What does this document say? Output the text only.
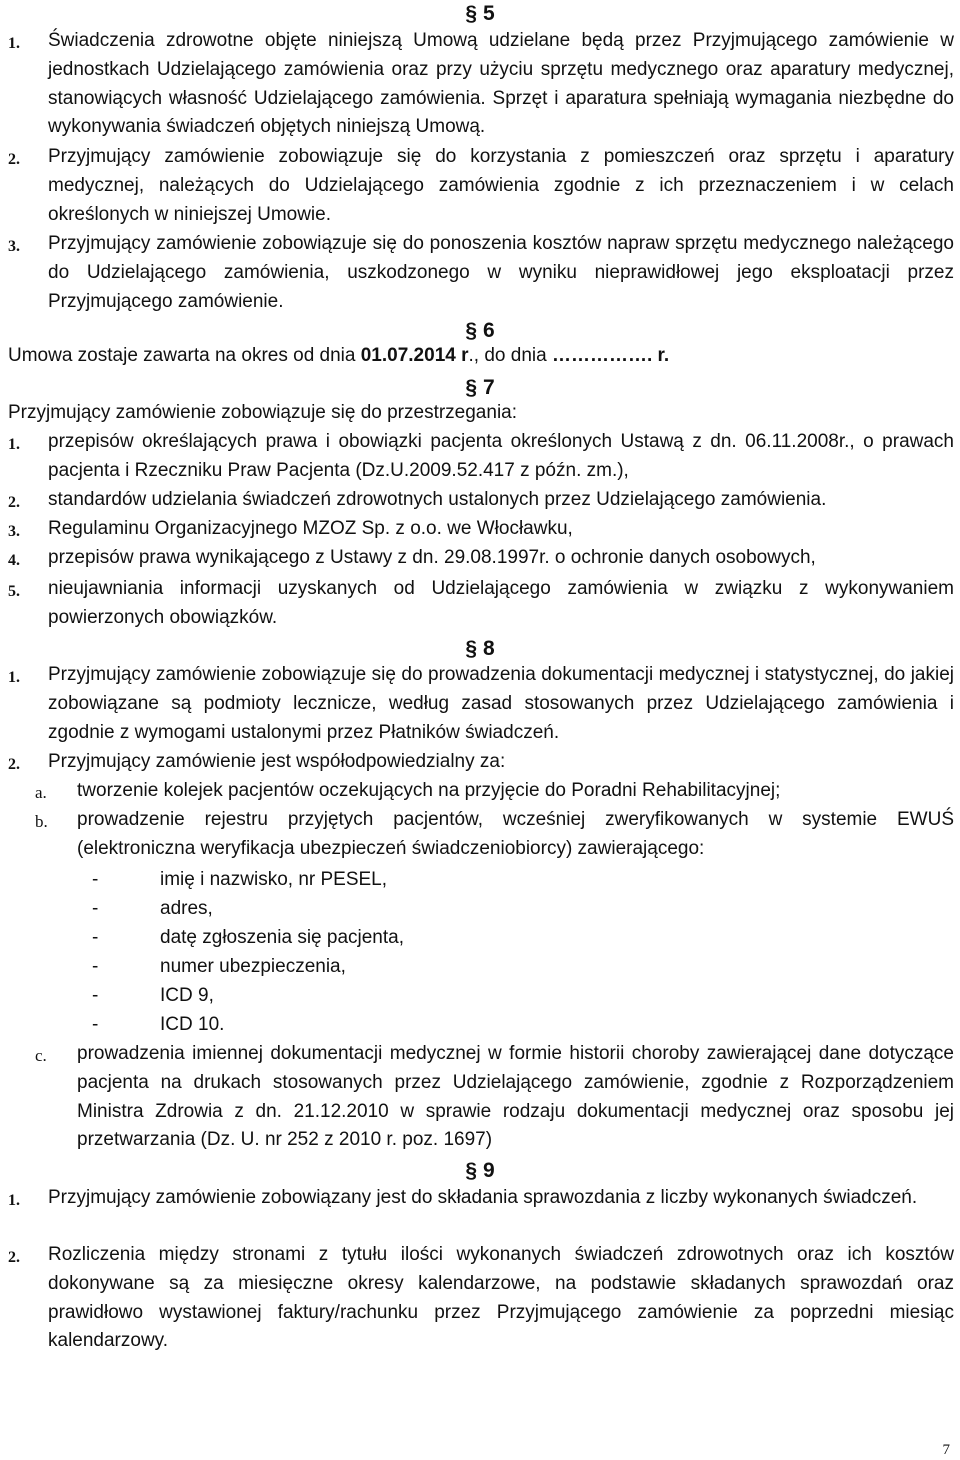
§ 5
1. Świadczenia zdrowotne objęte niniejszą Umową udzielane będą przez Przyjmującego zamówienie w jednostkach Udzielającego zamówienia oraz przy użyciu sprzętu medycznego oraz aparatury medycznej, stanowiących własność Udzielającego zamówienia. Sprzęt i aparatura spełniają wymagania niezbędne do wykonywania świadczeń objętych niniejszą Umową.
2. Przyjmujący zamówienie zobowiązuje się do korzystania z pomieszczeń oraz sprzętu i aparatury medycznej, należących do Udzielającego zamówienia zgodnie z ich przeznaczeniem i w celach określonych w niniejszej Umowie.
3. Przyjmujący zamówienie zobowiązuje się do ponoszenia kosztów napraw sprzętu medycznego należącego do Udzielającego zamówienia, uszkodzonego w wyniku nieprawidłowej jego eksploatacji przez Przyjmującego zamówienie.
§ 6
Umowa zostaje zawarta na okres od dnia 01.07.2014 r., do dnia ……………. r.
§ 7
Przyjmujący zamówienie zobowiązuje się do przestrzegania:
1. przepisów określających prawa i obowiązki pacjenta określonych Ustawą z dn. 06.11.2008r., o prawach pacjenta i Rzeczniku Praw Pacjenta (Dz.U.2009.52.417 z późn. zm.),
2. standardów udzielania świadczeń zdrowotnych ustalonych przez Udzielającego zamówienia.
3. Regulaminu Organizacyjnego MZOZ Sp. z o.o. we Włocławku,
4. przepisów prawa wynikającego z Ustawy z dn. 29.08.1997r. o ochronie danych osobowych,
5. nieujawniania informacji uzyskanych od Udzielającego zamówienia w związku z wykonywaniem powierzonych obowiązków.
§ 8
1. Przyjmujący zamówienie zobowiązuje się do prowadzenia dokumentacji medycznej i statystycznej, do jakiej zobowiązane są podmioty lecznicze, według zasad stosowanych przez Udzielającego zamówienia i zgodnie z wymogami ustalonymi przez Płatników świadczeń.
2. Przyjmujący zamówienie jest współodpowiedzialny za:
a. tworzenie kolejek pacjentów oczekujących na przyjęcie do Poradni Rehabilitacyjnej;
b. prowadzenie rejestru przyjętych pacjentów, wcześniej zweryfikowanych w systemie EWUŚ (elektroniczna weryfikacja ubezpieczeń świadczeniobiorcy) zawierającego:
-	imię i nazwisko, nr PESEL,
-	adres,
-	datę zgłoszenia się pacjenta,
-	numer ubezpieczenia,
-	ICD 9,
-	ICD 10.
c. prowadzenia imiennej dokumentacji medycznej w formie historii choroby zawierającej dane dotyczące pacjenta na drukach stosowanych przez Udzielającego zamówienie, zgodnie z Rozporządzeniem Ministra Zdrowia z dn. 21.12.2010 w sprawie rodzaju dokumentacji medycznej oraz sposobu jej przetwarzania (Dz. U. nr 252 z 2010 r. poz. 1697)
§ 9
1. Przyjmujący zamówienie zobowiązany jest do składania sprawozdania z liczby wykonanych świadczeń.
2. Rozliczenia między stronami z tytułu ilości wykonanych świadczeń zdrowotnych oraz ich kosztów dokonywane są za miesięczne okresy kalendarzowe, na podstawie składanych sprawozdań oraz prawidłowo wystawionej faktury/rachunku przez Przyjmującego zamówienie za poprzedni miesiąc kalendarzowy.
7
